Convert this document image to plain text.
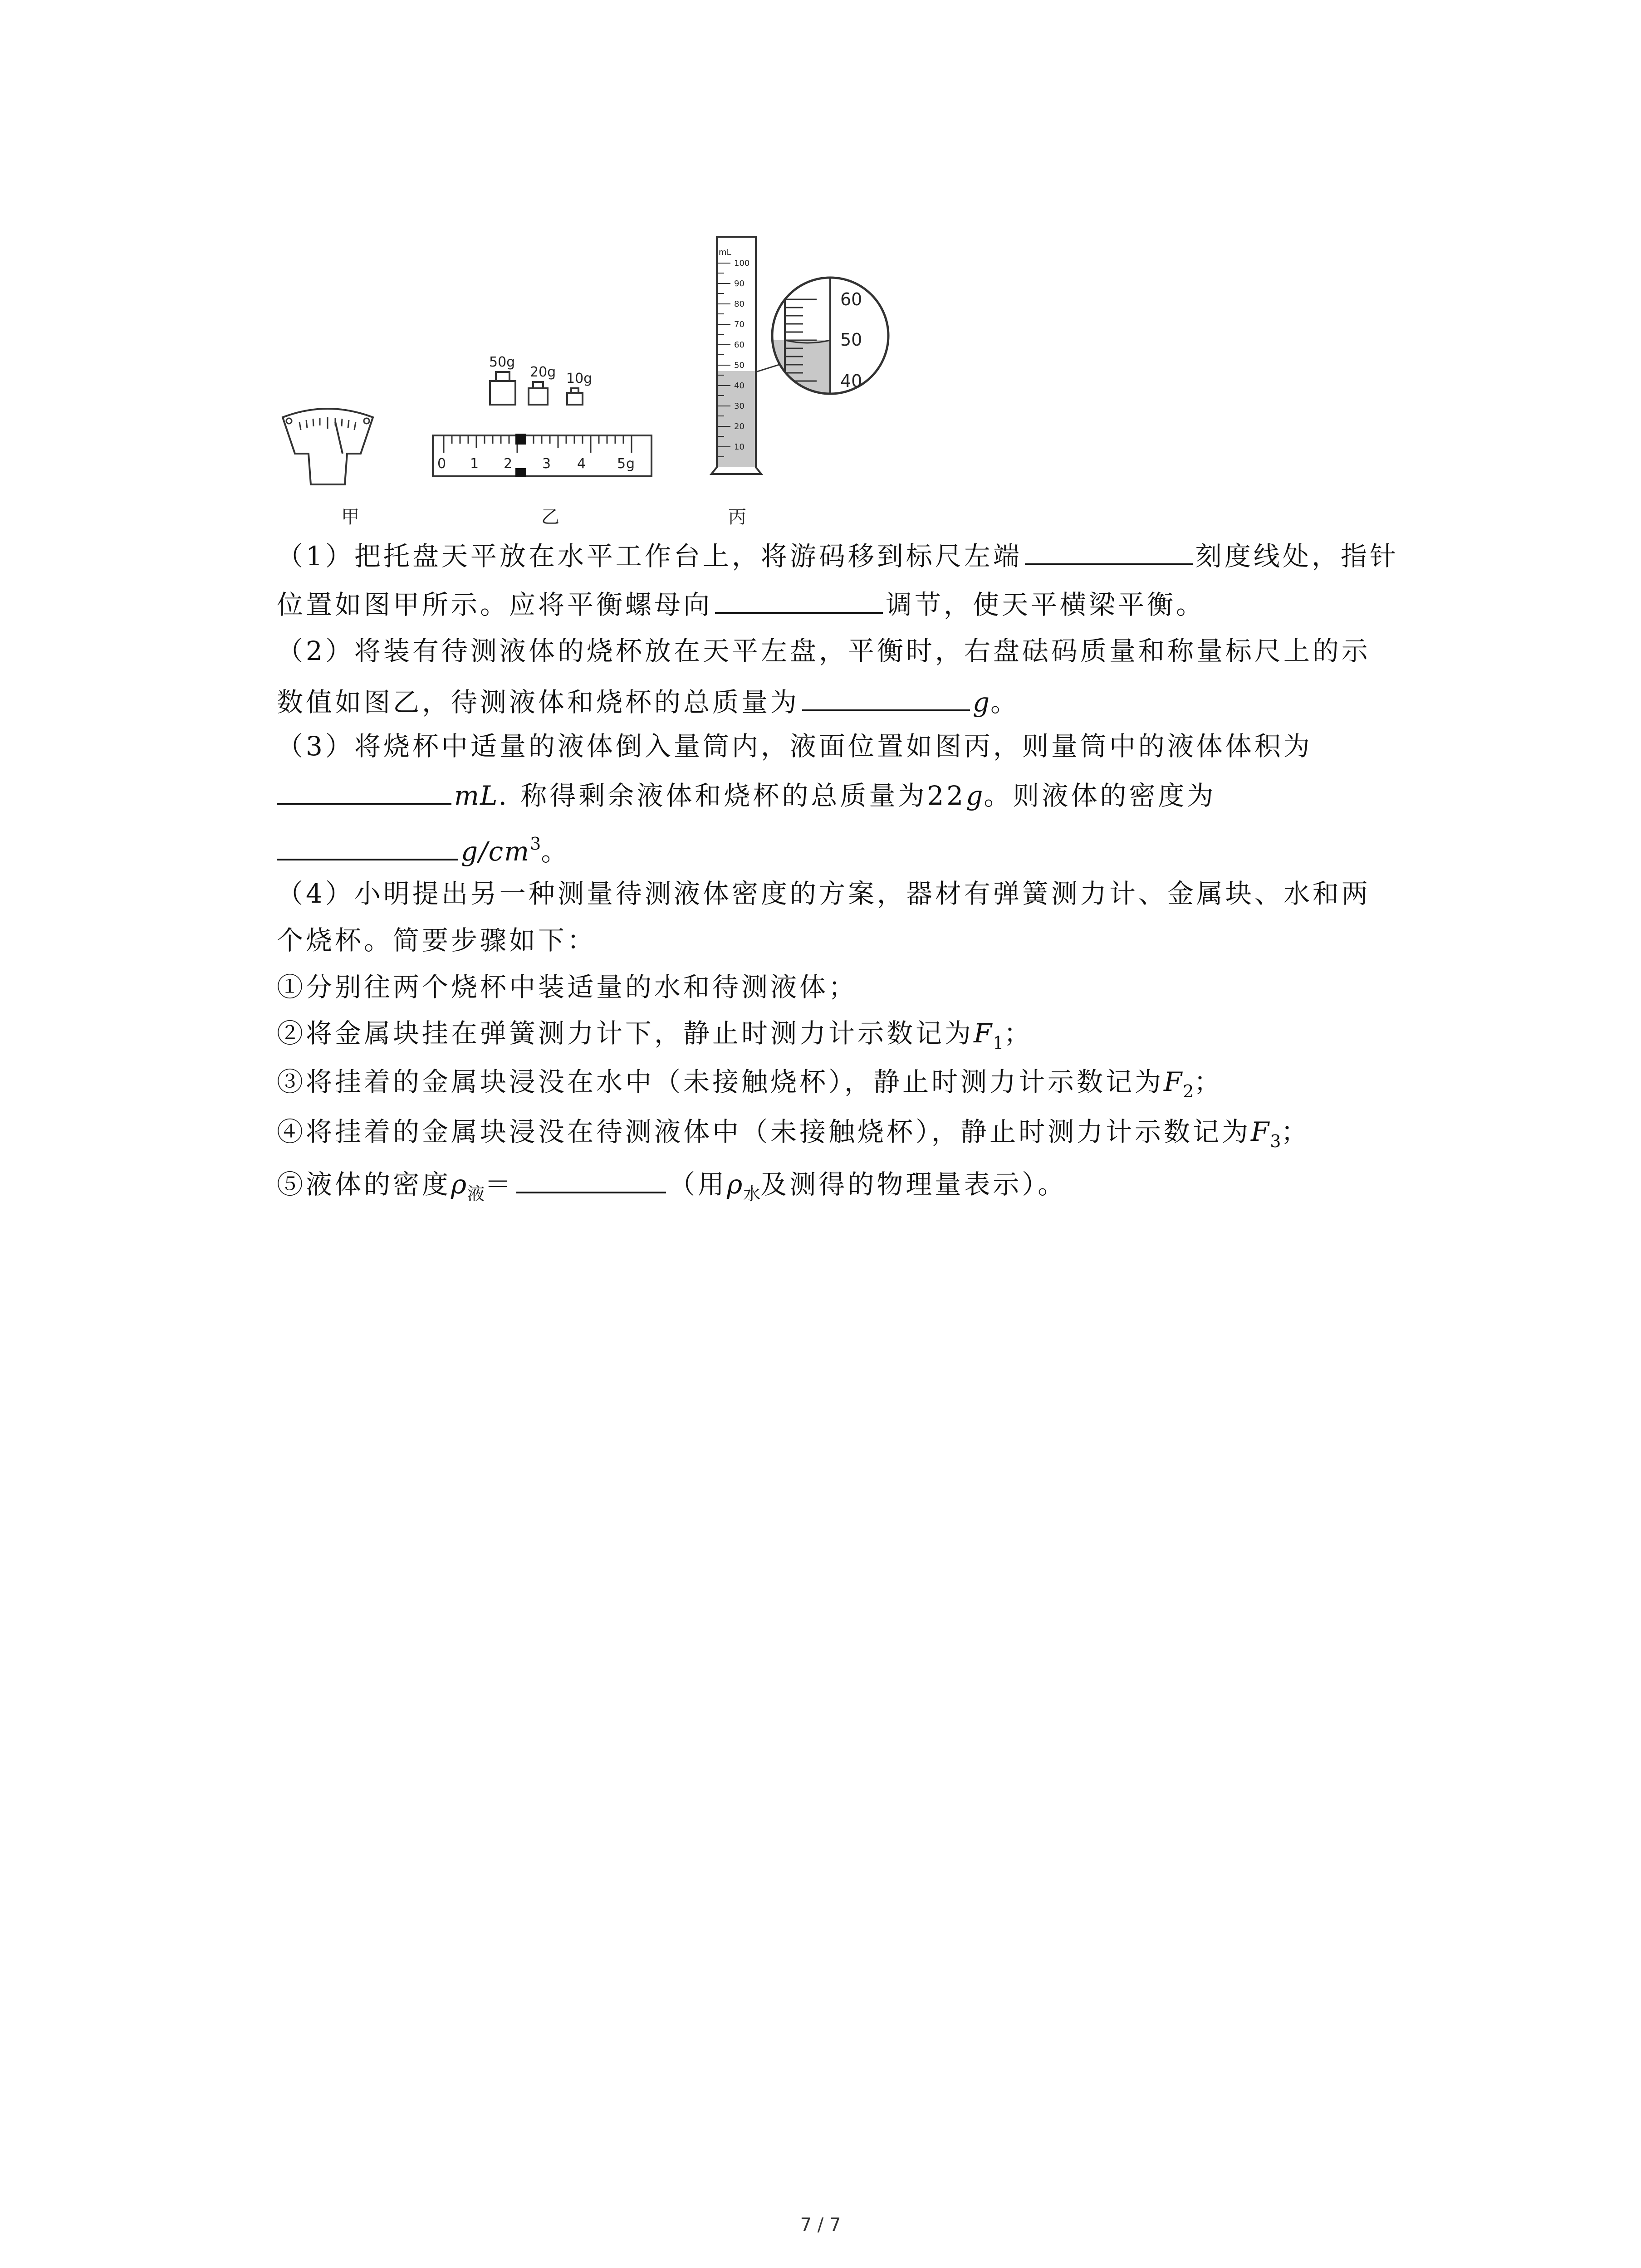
甲
50g
20g 10g
0 1 2 3 4 5 g
乙
mL
100
90
80
70
60
50
40
30
20
10
60
50
40
丙
（1）把托盘天平放在水平工作台上，将游码移到标尺左端	刻度线处，指针
位置如图甲所示。应将平衡螺母向	调节，使天平横梁平衡。
（2）将装有待测液体的烧杯放在天平左盘，平衡时，右盘砝码质量和称量标尺上的示
数值如图乙，待测液体和烧杯的总质量为	g。
（3）将烧杯中适量的液体倒入量筒内，液面位置如图丙，则量筒中的液体体积为
mL. 称得剩余液体和烧杯的总质量为22g。则液体的密度为
$g/cm^3$。
（4）小明提出另一种测量待测液体密度的方案，器材有弹簧测力计、金属块、水和两
个烧杯。简要步骤如下：
①分别往两个烧杯中装适量的水和待测液体；
②将金属块挂在弹簧测力计下，静止时测力计示数记为$F_1$；
③将挂着的金属块浸没在水中（未接触烧杯），静止时测力计示数记为$F_2$；
④将挂着的金属块浸没在待测液体中（未接触烧杯），静止时测力计示数记为$F_3$；
⑤液体的密度$\rho_液=$	（用$\rho_水$及测得的物理量表示）。
7 / 7
